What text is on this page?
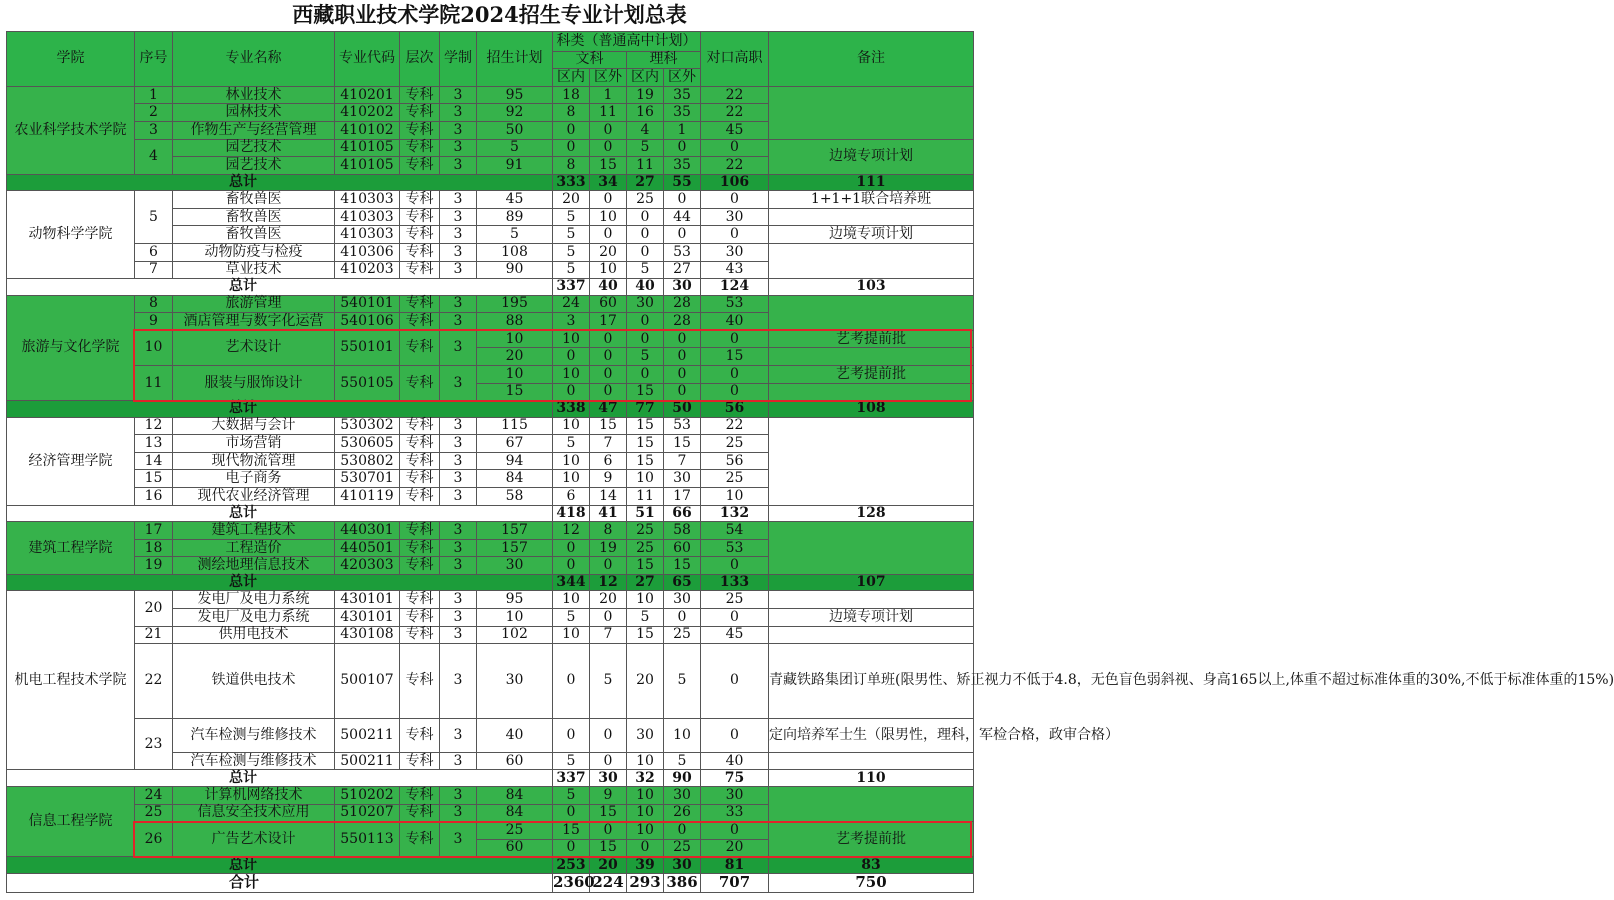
西藏职业技术学院2024招生专业计划总表
学院	序号	专业名称	专业代码	层次	学制	招生计划	科类（普通高中计划）				对口高职	备注	
							文科		理科				
							区内	区外	区内	区外			
农业科学技术学院	1	林业技术	410201	专科	3	95	18	1	19	35	22		
	2	园林技术	410202	专科	3	92	8	11	16	35	22		
	3	作物生产与经营管理	410102	专科	3	50	0	0	4	1	45		
	4	园艺技术	410105	专科	3	5	0	0	5	0	0	边境专项计划	
		园艺技术	410105	专科	3	91	8	15	11	35	22		
总计							333	34	27	55	106	111	
动物科学学院	5	畜牧兽医	410303	专科	3	45	20	0	25	0	0	1+1+1联合培养班	
		畜牧兽医	410303	专科	3	89	5	10	0	44	30		
		畜牧兽医	410303	专科	3	5	5	0	0	0	0	边境专项计划	
	6	动物防疫与检疫	410306	专科	3	108	5	20	0	53	30		
	7	草业技术	410203	专科	3	90	5	10	5	27	43		
总计							337	40	40	30	124	103	
旅游与文化学院	8	旅游管理	540101	专科	3	195	24	60	30	28	53		
	9	酒店管理与数字化运营	540106	专科	3	88	3	17	0	28	40		
	10	艺术设计	550101	专科	3	10	10	0	0	0	0	艺考提前批	
						20	0	0	5	0	15		
	11	服装与服饰设计	550105	专科	3	10	10	0	0	0	0	艺考提前批	
						15	0	0	15	0	0		
总计							338	47	77	50	56	108	
经济管理学院	12	大数据与会计	530302	专科	3	115	10	15	15	53	22		
	13	市场营销	530605	专科	3	67	5	7	15	15	25		
	14	现代物流管理	530802	专科	3	94	10	6	15	7	56		
	15	电子商务	530701	专科	3	84	10	9	10	30	25		
	16	现代农业经济管理	410119	专科	3	58	6	14	11	17	10		
总计							418	41	51	66	132	128	
建筑工程学院	17	建筑工程技术	440301	专科	3	157	12	8	25	58	54		
	18	工程造价	440501	专科	3	157	0	19	25	60	53		
	19	测绘地理信息技术	420303	专科	3	30	0	0	15	15	0		
总计							344	12	27	65	133	107	
机电工程技术学院	20	发电厂及电力系统	430101	专科	3	95	10	20	10	30	25		
		发电厂及电力系统	430101	专科	3	10	5	0	5	0	0	边境专项计划	
	21	供用电技术	430108	专科	3	102	10	7	15	25	45		
	22	铁道供电技术	500107	专科	3	30	0	5	20	5	0	青藏铁路集团订单班(限男性、矫正视力不低于4.8，无色盲色弱斜视、身高165以上,体重不超过标准体重的30%,不低于标准体重的15%)	
	23	汽车检测与维修技术	500211	专科	3	40	0	0	30	10	0	定向培养军士生（限男性，理科，军检合格，政审合格）	
		汽车检测与维修技术	500211	专科	3	60	5	0	10	5	40		
总计							337	30	32	90	75	110	
信息工程学院	24	计算机网络技术	510202	专科	3	84	5	9	10	30	30		
	25	信息安全技术应用	510207	专科	3	84	0	15	10	26	33		
	26	广告艺术设计	550113	专科	3	25	15	0	10	0	0	艺考提前批	
						60	0	15	0	25	20		
总计							253	20	39	30	81	83	
合计							2360	224	293	386	707	750	
